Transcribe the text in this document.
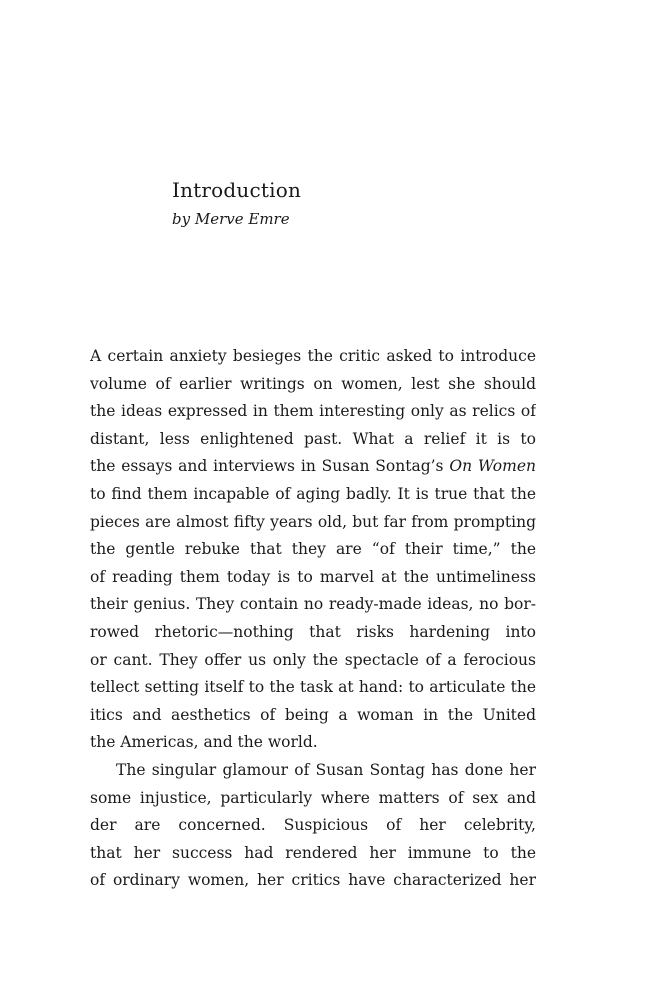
Introduction
by Merve Emre
A certain anxiety besieges the critic asked to introduce
volume of earlier writings on women, lest she should
the ideas expressed in them interesting only as relics of
distant, less enlightened past. What a relief it is to
the essays and interviews in Susan Sontag’s On Women
to find them incapable of aging badly. It is true that the
pieces are almost fifty years old, but far from prompting
the gentle rebuke that they are “of their time,” the
of reading them today is to marvel at the untimeliness
their genius. They contain no ready-made ideas, no bor-
rowed rhetoric—nothing that risks hardening into
or cant. They offer us only the spectacle of a ferocious
tellect setting itself to the task at hand: to articulate the
itics and aesthetics of being a woman in the United
the Americas, and the world.
The singular glamour of Susan Sontag has done her
some injustice, particularly where matters of sex and
der are concerned. Suspicious of her celebrity,
that her success had rendered her immune to the
of ordinary women, her critics have characterized her
